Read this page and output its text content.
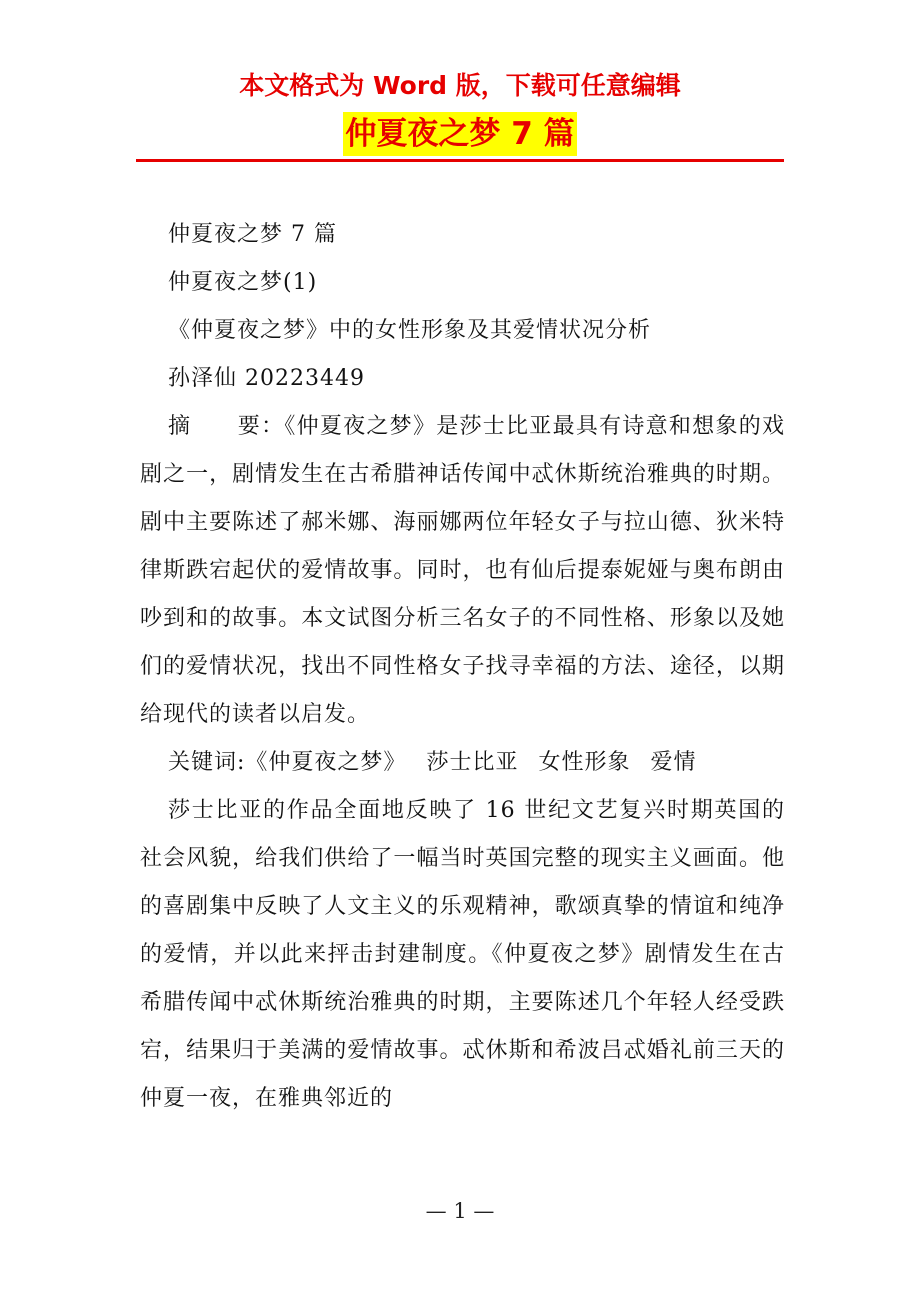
本文格式为 Word 版，下载可任意编辑
仲夏夜之梦 7 篇

仲夏夜之梦 7 篇

仲夏夜之梦(1)

《仲夏夜之梦》中的女性形象及其爱情状况分析

孙泽仙 20223449

摘　　要：《仲夏夜之梦》是莎士比亚最具有诗意和想象的戏剧之一，剧情发生在古希腊神话传闻中忒休斯统治雅典的时期。剧中主要陈述了郝米娜、海丽娜两位年轻女子与拉山德、狄米特律斯跌宕起伏的爱情故事。同时，也有仙后提泰妮娅与奥布朗由吵到和的故事。本文试图分析三名女子的不同性格、形象以及她们的爱情状况，找出不同性格女子找寻幸福的方法、途径，以期给现代的读者以启发。

关键词:《仲夏夜之梦》 莎士比亚 女性形象 爱情

莎士比亚的作品全面地反映了 16 世纪文艺复兴时期英国的社会风貌，给我们供给了一幅当时英国完整的现实主义画面。他的喜剧集中反映了人文主义的乐观精神，歌颂真挚的情谊和纯净的爱情，并以此来抨击封建制度。《仲夏夜之梦》剧情发生在古希腊传闻中忒休斯统治雅典的时期，主要陈述几个年轻人经受跌宕，结果归于美满的爱情故事。忒休斯和希波吕忒婚礼前三天的仲夏一夜，在雅典邻近的

— 1 —
